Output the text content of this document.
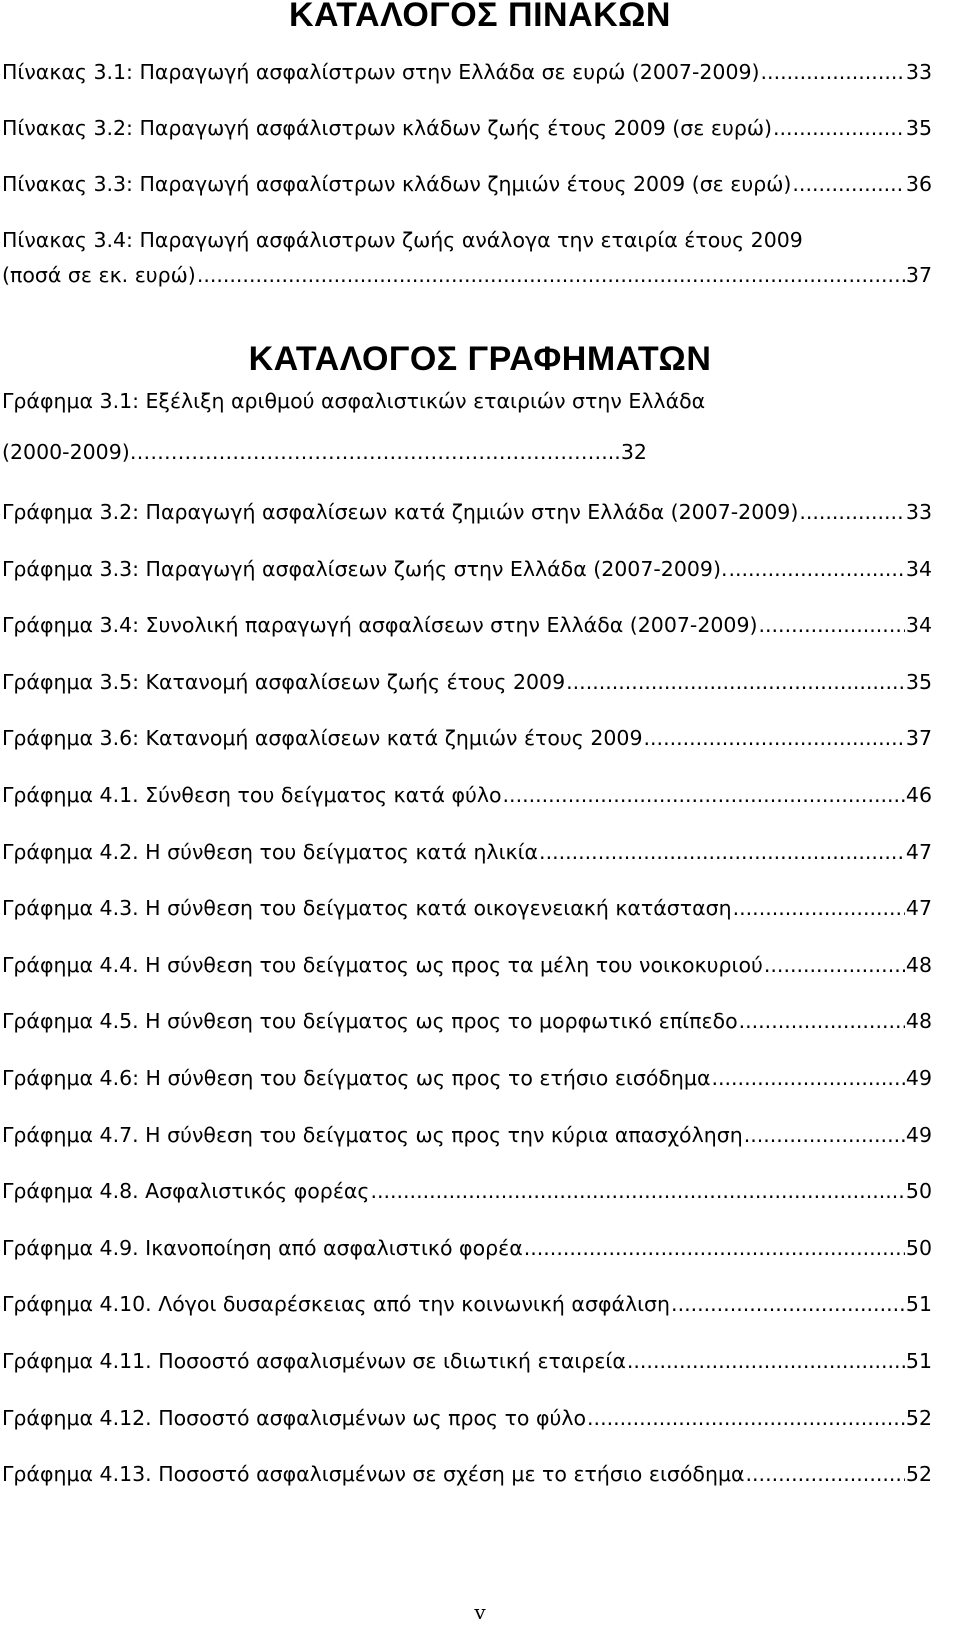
ΚΑΤΑΛΟΓΟΣ ΠΙΝΑΚΩΝ
Πίνακας 3.1: Παραγωγή ασφαλίστρων στην Ελλάδα σε ευρώ (2007-2009) .....	33
Πίνακας 3.2: Παραγωγή ασφάλιστρων κλάδων ζωής έτους 2009 (σε ευρώ) .....	35
Πίνακας 3.3: Παραγωγή ασφαλίστρων κλάδων ζημιών έτους 2009 (σε ευρώ) .....	36
Πίνακας 3.4: Παραγωγή ασφάλιστρων ζωής ανάλογα την εταιρία έτους 2009
(ποσά σε εκ. ευρώ) .....	37
ΚΑΤΑΛΟΓΟΣ ΓΡΑΦΗΜΑΤΩΝ
Γράφημα 3.1: Εξέλιξη αριθμού ασφαλιστικών εταιριών στην Ελλάδα
(2000-2009) ……………………………………………………………. ..32
Γράφημα 3.2: Παραγωγή ασφαλίσεων κατά ζημιών στην Ελλάδα (2007-2009) .....	33
Γράφημα 3.3: Παραγωγή ασφαλίσεων ζωής στην Ελλάδα (2007-2009). .....	34
Γράφημα 3.4: Συνολική παραγωγή ασφαλίσεων στην Ελλάδα (2007-2009) .....	34
Γράφημα 3.5: Κατανομή ασφαλίσεων ζωής έτους 2009 .....	35
Γράφημα 3.6: Κατανομή ασφαλίσεων κατά ζημιών έτους 2009 .....	37
Γράφημα 4.1. Σύνθεση του δείγματος κατά φύλο .....	46
Γράφημα 4.2. Η σύνθεση του δείγματος κατά ηλικία .....	47
Γράφημα 4.3. Η σύνθεση του δείγματος κατά οικογενειακή κατάσταση .....	47
Γράφημα 4.4. Η σύνθεση του δείγματος ως προς τα μέλη του νοικοκυριού .....	48
Γράφημα 4.5. Η σύνθεση του δείγματος ως προς το μορφωτικό επίπεδο .....	48
Γράφημα 4.6: Η σύνθεση του δείγματος ως προς το ετήσιο εισόδημα .....	49
Γράφημα 4.7. Η σύνθεση του δείγματος ως προς την κύρια απασχόληση .....	49
Γράφημα 4.8. Ασφαλιστικός φορέας .....	50
Γράφημα 4.9. Ικανοποίηση από ασφαλιστικό φορέα .....	50
Γράφημα 4.10. Λόγοι δυσαρέσκειας από την κοινωνική ασφάλιση .....	51
Γράφημα 4.11. Ποσοστό ασφαλισμένων σε ιδιωτική εταιρεία .....	51
Γράφημα 4.12. Ποσοστό ασφαλισμένων ως προς το φύλο .....	52
Γράφημα 4.13. Ποσοστό ασφαλισμένων σε σχέση με το ετήσιο εισόδημα .....	52
v
